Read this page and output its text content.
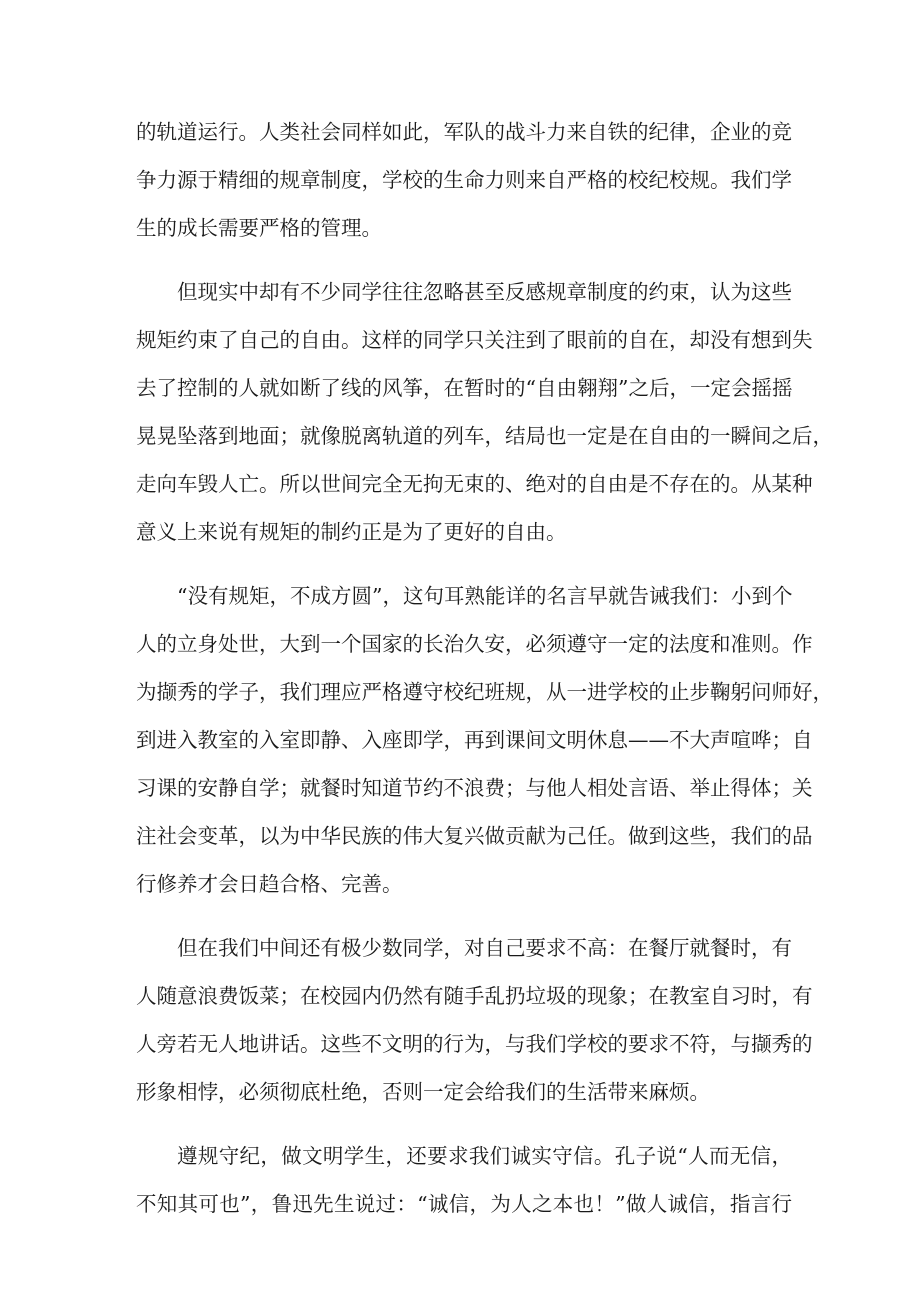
的轨道运行。人类社会同样如此，军队的战斗力来自铁的纪律，企业的竞
争力源于精细的规章制度，学校的生命力则来自严格的校纪校规。我们学
生的成长需要严格的管理。
但现实中却有不少同学往往忽略甚至反感规章制度的约束，认为这些
规矩约束了自己的自由。这样的同学只关注到了眼前的自在，却没有想到失
去了控制的人就如断了线的风筝，在暂时的“自由翱翔”之后，一定会摇摇
晃晃坠落到地面；就像脱离轨道的列车，结局也一定是在自由的一瞬间之后，
走向车毁人亡。所以世间完全无拘无束的、绝对的自由是不存在的。从某种
意义上来说有规矩的制约正是为了更好的自由。
“没有规矩，不成方圆”，这句耳熟能详的名言早就告诫我们：小到个
人的立身处世，大到一个国家的长治久安，必须遵守一定的法度和准则。作
为撷秀的学子，我们理应严格遵守校纪班规，从一进学校的止步鞠躬问师好，
到进入教室的入室即静、入座即学，再到课间文明休息——不大声喧哗；自
习课的安静自学；就餐时知道节约不浪费；与他人相处言语、举止得体；关
注社会变革，以为中华民族的伟大复兴做贡献为己任。做到这些，我们的品
行修养才会日趋合格、完善。
但在我们中间还有极少数同学，对自己要求不高：在餐厅就餐时，有
人随意浪费饭菜；在校园内仍然有随手乱扔垃圾的现象；在教室自习时，有
人旁若无人地讲话。这些不文明的行为，与我们学校的要求不符，与撷秀的
形象相悖，必须彻底杜绝，否则一定会给我们的生活带来麻烦。
遵规守纪，做文明学生，还要求我们诚实守信。孔子说“人而无信，
不知其可也”，鲁迅先生说过：“诚信，为人之本也！”做人诚信，指言行
